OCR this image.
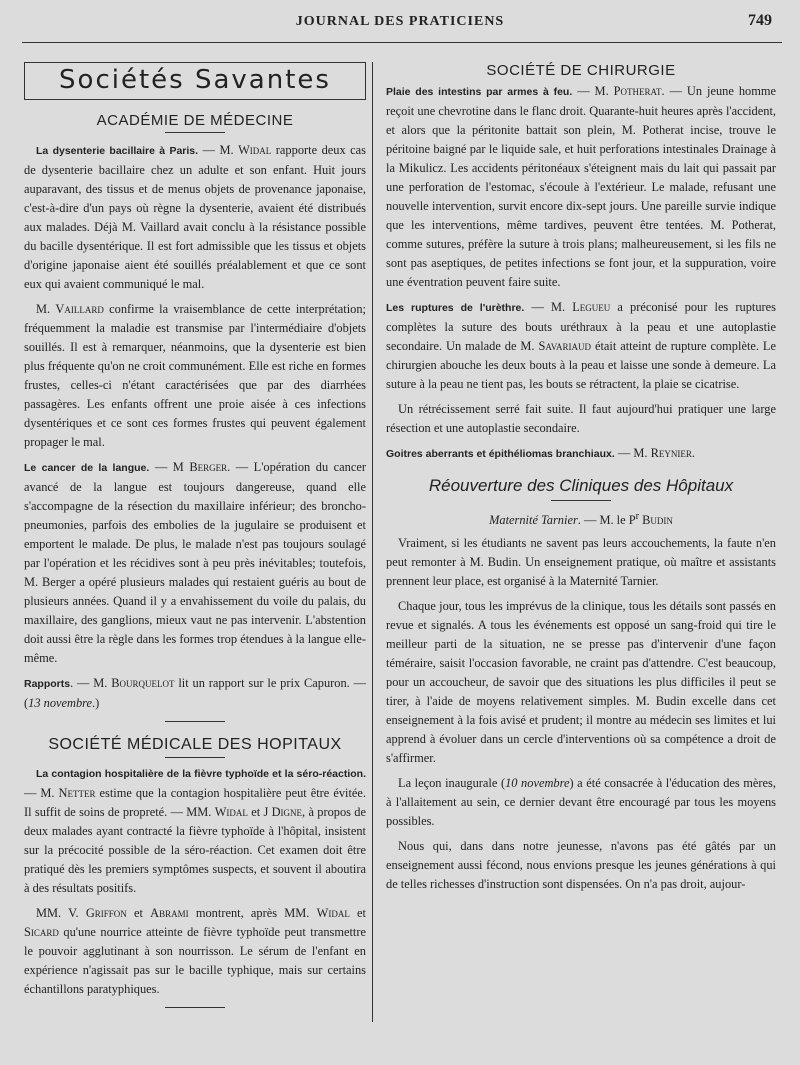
JOURNAL DES PRATICIENS	749
Sociétés Savantes
ACADÉMIE DE MÉDECINE

La dysenterie bacillaire à Paris. — M. Widal rapporte deux cas de dysenterie bacillaire chez un adulte et son enfant. Huit jours auparavant, des tissus et de menus objets de provenance japonaise, c'est-à-dire d'un pays où règne la dysenterie, avaient été distribués aux malades. Déjà M. Vaillard avait conclu à la résistance possible du bacille dysentérique. Il est fort admissible que les tissus et objets d'origine japonaise aient été souillés préalablement et que ce sont eux qui avaient communiqué le mal.

M. Vaillard confirme la vraisemblance de cette interprétation; fréquemment la maladie est transmise par l'intermédiaire d'objets souillés. Il est à remarquer, néanmoins, que la dysenterie est bien plus fréquente qu'on ne croit communément. Elle est riche en formes frustes, celles-ci n'étant caractérisées que par des diarrhées passagères. Les enfants offrent une proie aisée à ces infections dysentériques et ce sont ces formes frustes qui peuvent également propager le mal.

Le cancer de la langue. — M Berger. — L'opération du cancer avancé de la langue est toujours dangereuse, quand elle s'accompagne de la résection du maxillaire inférieur; des broncho-pneumonies, parfois des embolies de la jugulaire se produisent et emportent le malade. De plus, le malade n'est pas toujours soulagé par l'opération et les récidives sont à peu près inévitables; toutefois, M. Berger a opéré plusieurs malades qui restaient guéris au bout de plusieurs années. Quand il y a envahissement du voile du palais, du maxillaire, des ganglions, mieux vaut ne pas intervenir. L'abstention doit aussi être la règle dans les formes trop étendues à la langue elle-même.

Rapports. — M. Bourquelot lit un rapport sur le prix Capuron. — (13 novembre.)

SOCIÉTÉ MÉDICALE DES HOPITAUX

La contagion hospitalière de la fièvre typhoïde et la séro-réaction.— M. Netter estime que la contagion hospitalière peut être évitée. Il suffit de soins de propreté. — MM. Widal et J Digne, à propos de deux malades ayant contracté la fièvre typhoïde à l'hôpital, insistent sur la précocité possible de la séro-réaction. Cet examen doit être pratiqué dès les premiers symptômes suspects, et souvent il aboutira à des résultats positifs.

MM. V. Griffon et Abrami montrent, après MM. Widal et Sicard qu'une nourrice atteinte de fièvre typhoïde peut transmettre le pouvoir agglutinant à son nourrisson. Le sérum de l'enfant en expérience n'agissait pas sur le bacille typhique, mais sur certains échantillons paratyphiques.

SOCIÉTÉ DE CHIRURGIE

Plaie des intestins par armes à feu. — M. Potherat. — Un jeune homme reçoit une chevrotine dans le flanc droit. Quarante-huit heures après l'accident, et alors que la péritonite battait son plein, M. Potherat incise, trouve le péritoine baigné par le liquide sale, et huit perforations intestinales Drainage à la Mikulicz. Les accidents péritonéaux s'éteignent mais du lait qui passait par une perforation de l'estomac, s'écoule à l'extérieur. Le malade, refusant une nouvelle intervention, survit encore dix-sept jours. Une pareille survie indique que les interventions, même tardives, peuvent être tentées. M. Potherat, comme sutures, préfère la suture à trois plans; malheureusement, si les fils ne sont pas aseptiques, de petites infections se font jour, et la suppuration, voire une éventration peuvent faire suite.

Les ruptures de l'urèthre. — M. Legueu a préconisé pour les ruptures complètes la suture des bouts uréthraux à la peau et une autoplastie secondaire. Un malade de M. Savariaud était atteint de rupture complète. Le chirurgien abouche les deux bouts à la peau et laisse une sonde à demeure. La suture à la peau ne tient pas, les bouts se rétractent, la plaie se cicatrise.

Un rétrécissement serré fait suite. Il faut aujourd'hui pratiquer une large résection et une autoplastie secondaire.

Goitres aberrants et épithéliomas branchiaux. — M. Reynier.

Réouverture des Cliniques des Hôpitaux

Maternité Tarnier. — M. le $P^r$ Budin

Vraiment, si les étudiants ne savent pas leurs accouchements, la faute n'en peut remonter à M. Budin. Un enseignement pratique, où maître et assistants prennent leur place, est organisé à la Maternité Tarnier.

Chaque jour, tous les imprévus de la clinique, tous les détails sont passés en revue et signalés. A tous les événements est opposé un sang-froid qui tire le meilleur parti de la situation, ne se presse pas d'intervenir d'une façon téméraire, saisit l'occasion favorable, ne craint pas d'attendre. C'est beaucoup, pour un accoucheur, de savoir que des situations les plus difficiles il peut se tirer, à l'aide de moyens relativement simples. M. Budin excelle dans cet enseignement à la fois avisé et prudent; il montre au médecin ses limites et lui apprend à évoluer dans un cercle d'interventions où sa compétence a droit de s'affirmer.

La leçon inaugurale (10 novembre) a été consacrée à l'éducation des mères, à l'allaitement au sein, ce dernier devant être encouragé par tous les moyens possibles.

Nous qui, dans dans notre jeunesse, n'avons pas été gâtés par un enseignement aussi fécond, nous envions presque les jeunes générations à qui de telles richesses d'instruction sont dispensées. On n'a pas droit, aujour-
